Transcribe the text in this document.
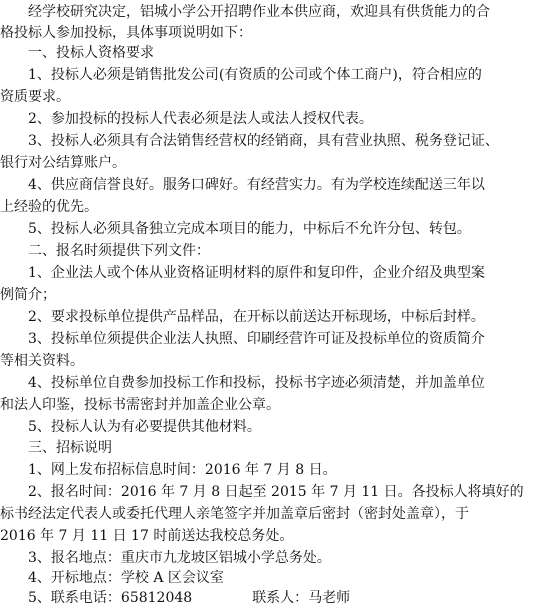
经学校研究决定，铝城小学公开招聘作业本供应商，欢迎具有供货能力的合
格投标人参加投标，具体事项说明如下：
一、投标人资格要求
1、投标人必须是销售批发公司(有资质的公司或个体工商户)，符合相应的
资质要求。
2、参加投标的投标人代表必须是法人或法人授权代表。
3、投标人必须具有合法销售经营权的经销商，具有营业执照、税务登记证、
银行对公结算账户。
4、供应商信誉良好。服务口碑好。有经营实力。有为学校连续配送三年以
上经验的优先。
5、投标人必须具备独立完成本项目的能力，中标后不允许分包、转包。
二、报名时须提供下列文件：
1、企业法人或个体从业资格证明材料的原件和复印件，企业介绍及典型案
例简介；
2、要求投标单位提供产品样品，在开标以前送达开标现场，中标后封样。
3、投标单位须提供企业法人执照、印刷经营许可证及投标单位的资质简介
等相关资料。
4、投标单位自费参加投标工作和投标，投标书字迹必须清楚，并加盖单位
和法人印鉴，投标书需密封并加盖企业公章。
5、投标人认为有必要提供其他材料。
三、招标说明
1、网上发布招标信息时间：2016 年 7 月 8 日。
2、报名时间：2016 年 7 月 8 日起至 2015 年 7 月 11 日。各投标人将填好的
标书经法定代表人或委托代理人亲笔签字并加盖章后密封（密封处盖章），于
2016 年 7 月 11 日 17 时前送达我校总务处。
3、报名地点：重庆市九龙坡区铝城小学总务处。
4、开标地点：学校 A 区会议室
5、联系电话：65812048	联系人：马老师
